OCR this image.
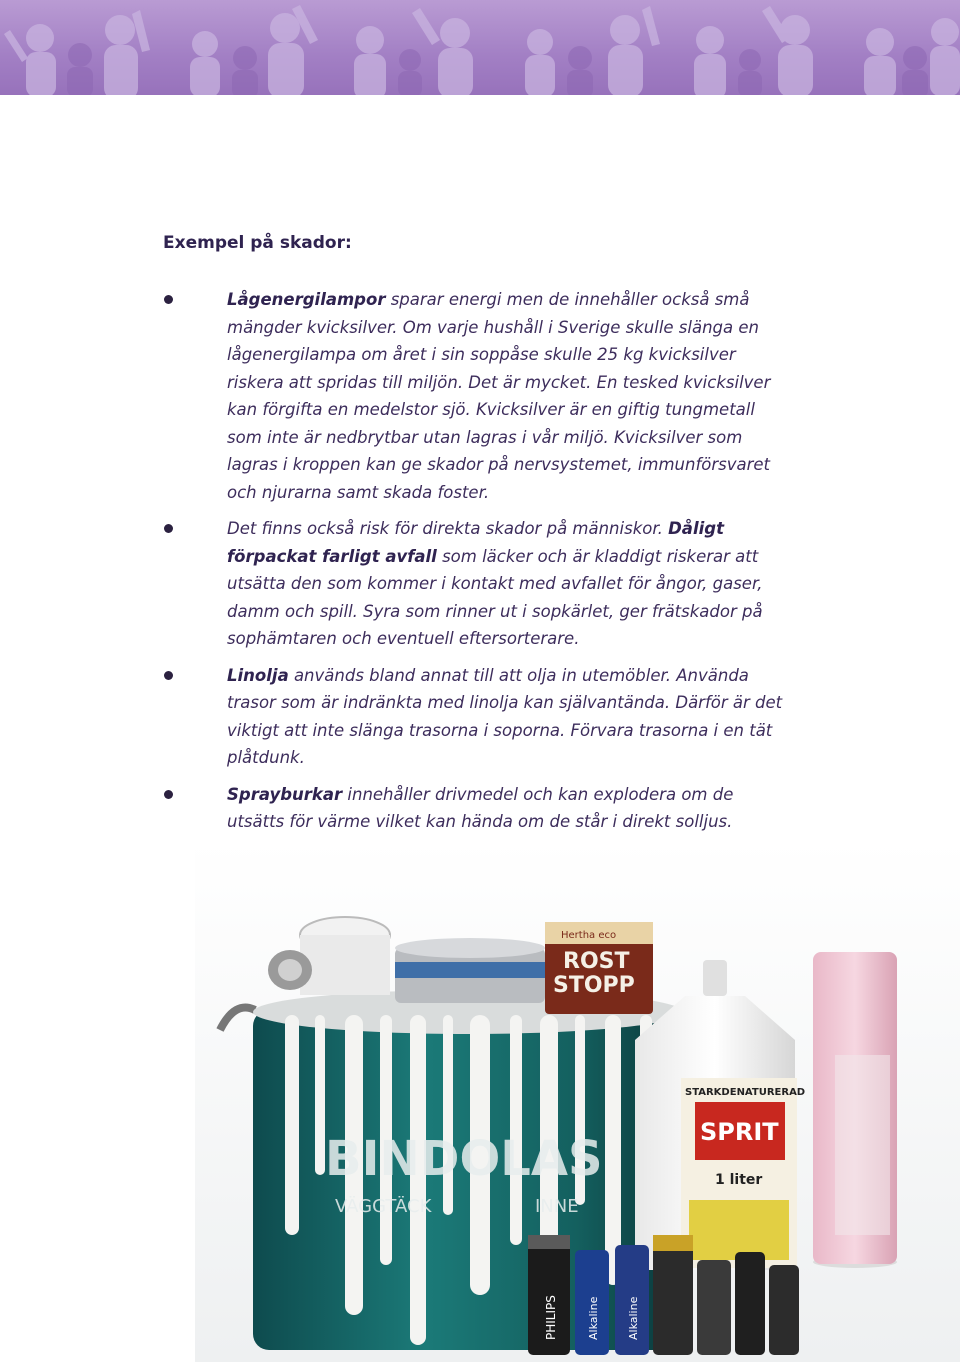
Exempel på skador:
Lågenergilampor sparar energi men de innehåller också små mängder kvicksilver. Om varje hushåll i Sverige skulle slänga en lågenergilampa om året i sin soppåse skulle 25 kg kvicksilver riskera att spridas till miljön. Det är mycket. En tesked kvicksilver kan förgifta en medelstor sjö. Kvicksilver är en giftig tungmetall som inte är nedbrytbar utan lagras i vår miljö. Kvicksilver som lagras i kroppen kan ge skador på nervsystemet, immunförsvaret och njurarna samt skada foster.
Det finns också risk för direkta skador på människor. Dåligt förpackat farligt avfall som läcker och är kladdigt riskerar att utsätta den som kommer i kontakt med avfallet för ångor, gaser, damm och spill. Syra som rinner ut i sopkärlet, ger frätskador på sophämtaren och eventuell eftersorterare.
Linolja används bland annat till att olja in utemöbler. Använda trasor som är indränkta med linolja kan självantända. Därför är det viktigt att inte slänga trasorna i soporna. Förvara trasorna i en tät plåtdunk.
Sprayburkar innehåller drivmedel och kan explodera om de utsätts för värme vilket kan hända om de står i direkt solljus.
BINDOLAS
VÄGGTÄCK	INNE
Hertha eco
ROST
STOPP
STARKDENATURERAD
SPRIT
1 liter
PHILIPS	Alkaline Alkaline
